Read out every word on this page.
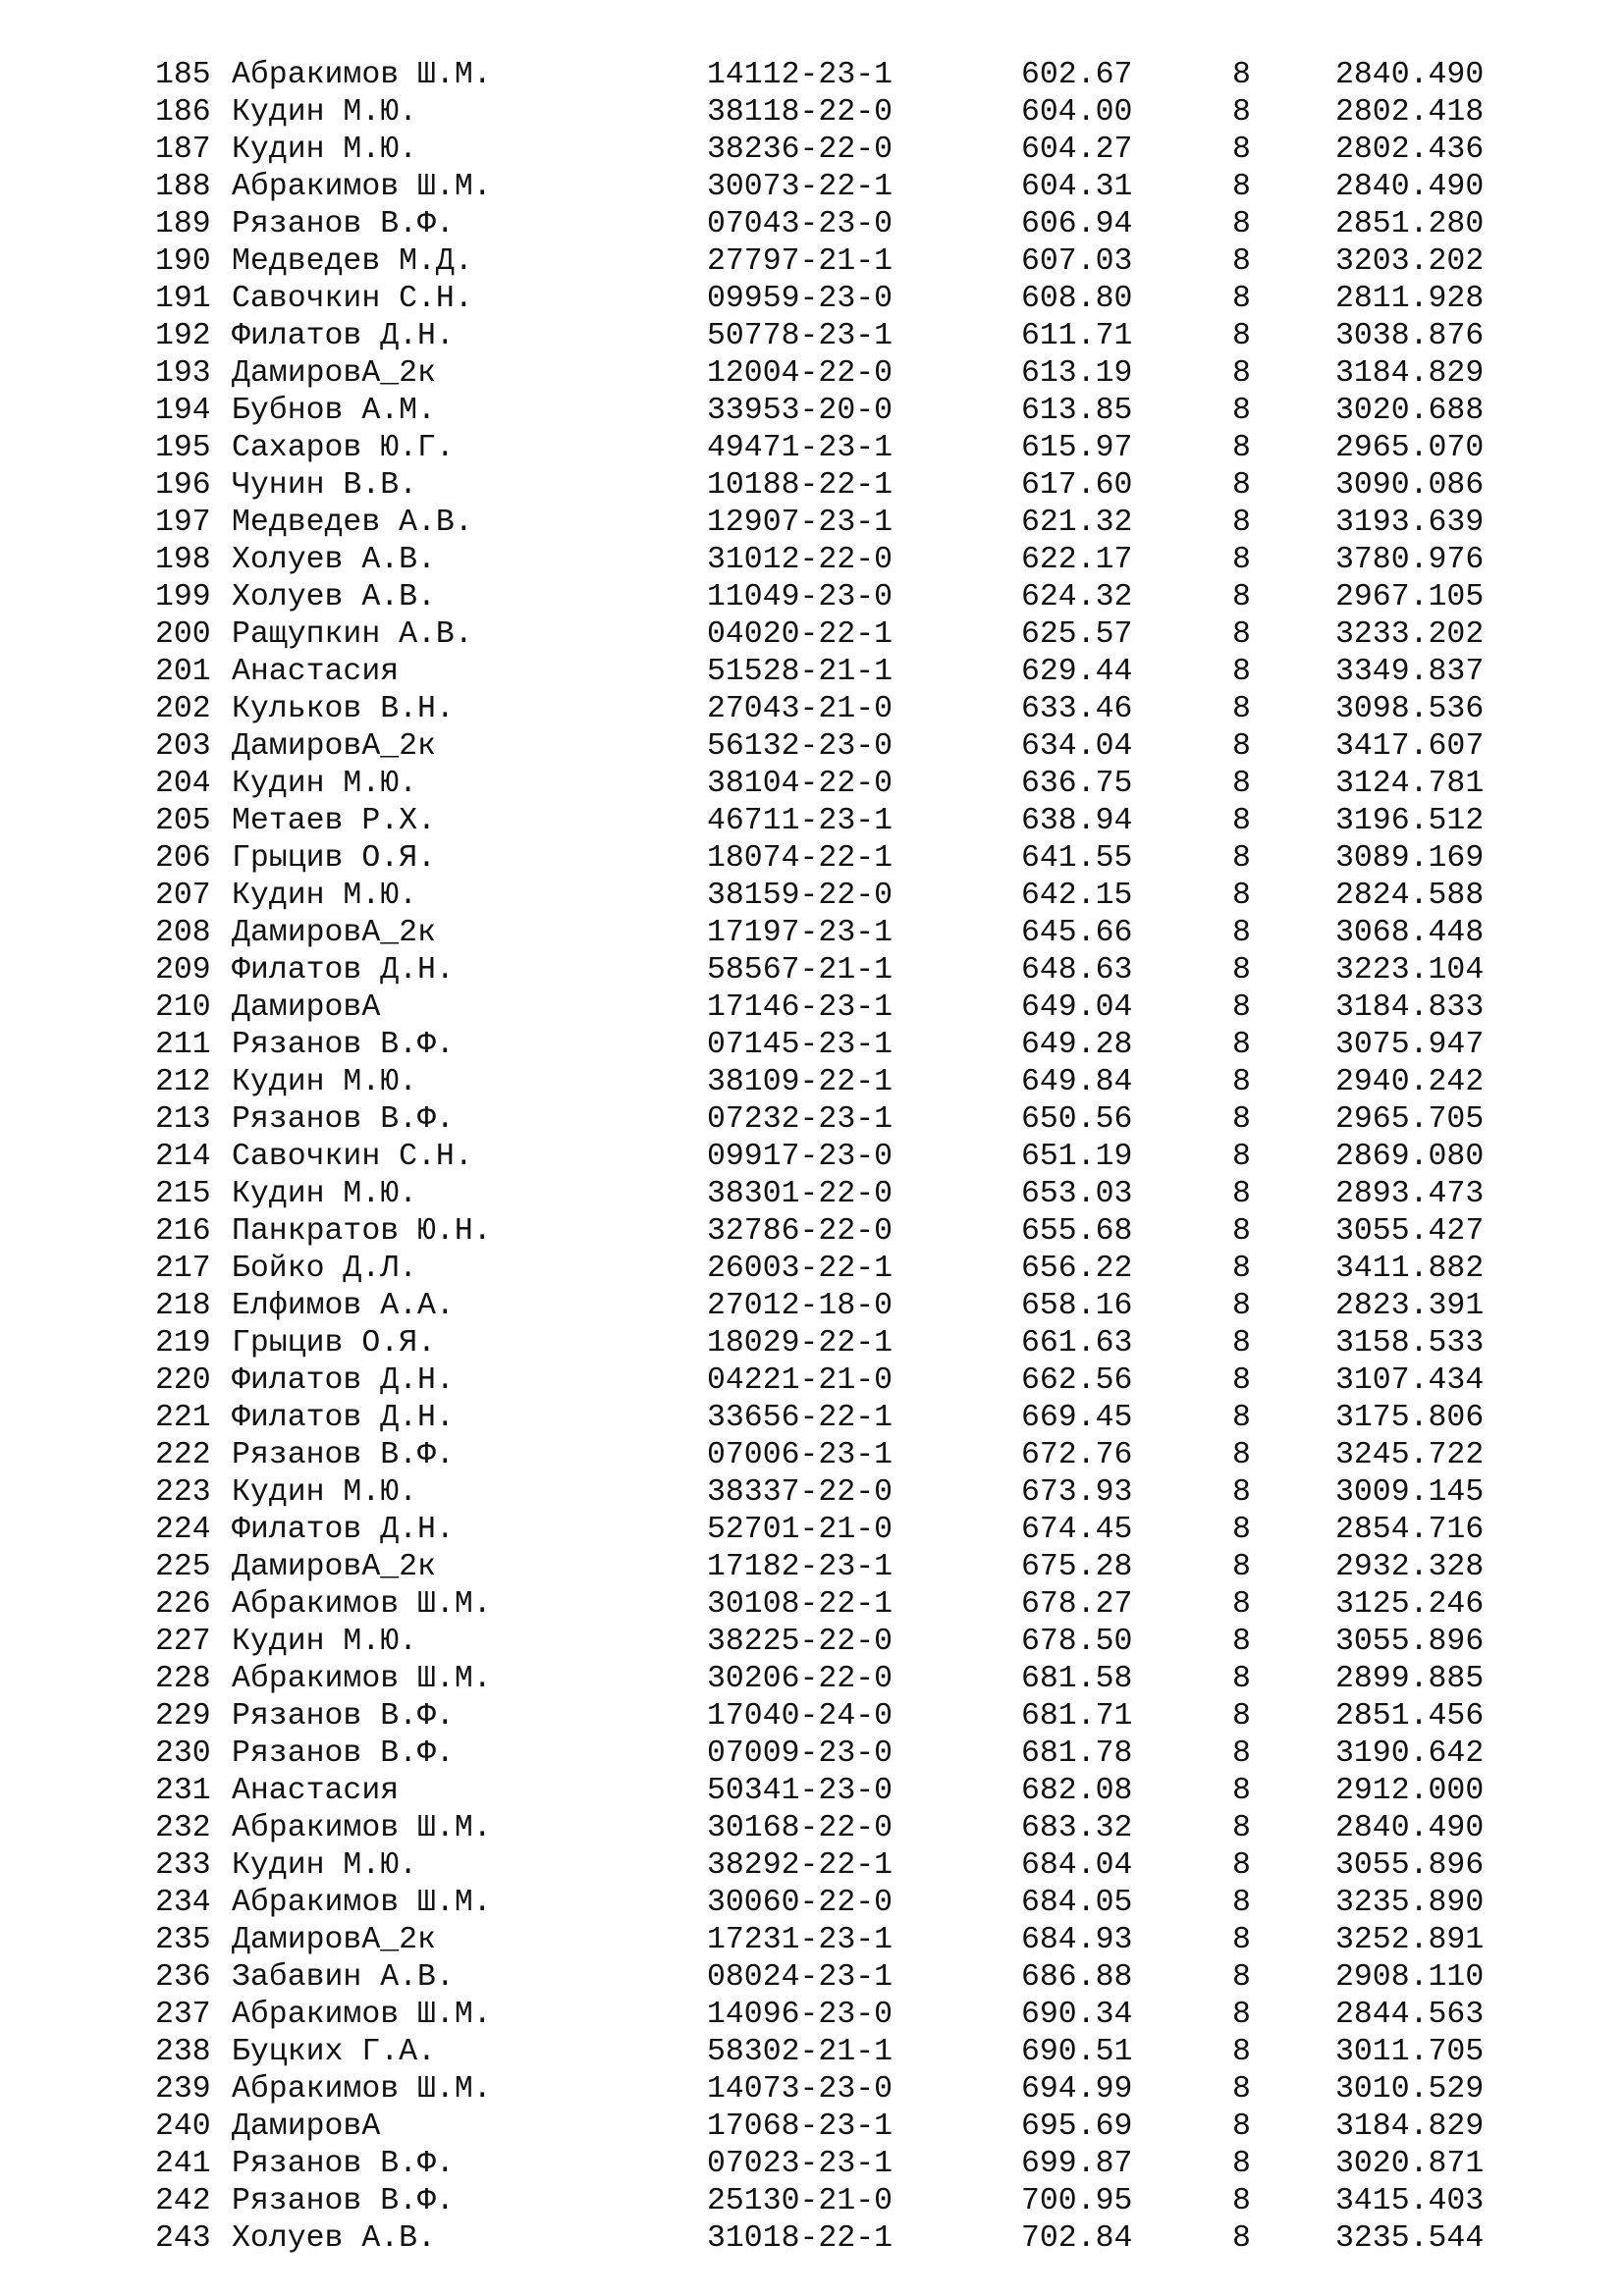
185 Абракимов Ш.М.	14112-23-1	602.67	8	2840.490
186 Кудин М.Ю.	38118-22-0	604.00	8	2802.418
187 Кудин М.Ю.	38236-22-0	604.27	8	2802.436
188 Абракимов Ш.М.	30073-22-1	604.31	8	2840.490
189 Рязанов В.Ф.	07043-23-0	606.94	8	2851.280
190 Медведев М.Д.	27797-21-1	607.03	8	3203.202
191 Савочкин С.Н.	09959-23-0	608.80	8	2811.928
192 Филатов Д.Н.	50778-23-1	611.71	8	3038.876
193 ДамировА_2к	12004-22-0	613.19	8	3184.829
194 Бубнов А.М.	33953-20-0	613.85	8	3020.688
195 Сахаров Ю.Г.	49471-23-1	615.97	8	2965.070
196 Чунин В.В.	10188-22-1	617.60	8	3090.086
197 Медведев А.В.	12907-23-1	621.32	8	3193.639
198 Холуев А.В.	31012-22-0	622.17	8	3780.976
199 Холуев А.В.	11049-23-0	624.32	8	2967.105
200 Ращупкин А.В.	04020-22-1	625.57	8	3233.202
201 Анастасия	51528-21-1	629.44	8	3349.837
202 Кульков В.Н.	27043-21-0	633.46	8	3098.536
203 ДамировА_2к	56132-23-0	634.04	8	3417.607
204 Кудин М.Ю.	38104-22-0	636.75	8	3124.781
205 Метаев Р.Х.	46711-23-1	638.94	8	3196.512
206 Грыцив О.Я.	18074-22-1	641.55	8	3089.169
207 Кудин М.Ю.	38159-22-0	642.15	8	2824.588
208 ДамировА_2к	17197-23-1	645.66	8	3068.448
209 Филатов Д.Н.	58567-21-1	648.63	8	3223.104
210 ДамировА	17146-23-1	649.04	8	3184.833
211 Рязанов В.Ф.	07145-23-1	649.28	8	3075.947
212 Кудин М.Ю.	38109-22-1	649.84	8	2940.242
213 Рязанов В.Ф.	07232-23-1	650.56	8	2965.705
214 Савочкин С.Н.	09917-23-0	651.19	8	2869.080
215 Кудин М.Ю.	38301-22-0	653.03	8	2893.473
216 Панкратов Ю.Н.	32786-22-0	655.68	8	3055.427
217 Бойко Д.Л.	26003-22-1	656.22	8	3411.882
218 Елфимов А.А.	27012-18-0	658.16	8	2823.391
219 Грыцив О.Я.	18029-22-1	661.63	8	3158.533
220 Филатов Д.Н.	04221-21-0	662.56	8	3107.434
221 Филатов Д.Н.	33656-22-1	669.45	8	3175.806
222 Рязанов В.Ф.	07006-23-1	672.76	8	3245.722
223 Кудин М.Ю.	38337-22-0	673.93	8	3009.145
224 Филатов Д.Н.	52701-21-0	674.45	8	2854.716
225 ДамировА_2к	17182-23-1	675.28	8	2932.328
226 Абракимов Ш.М.	30108-22-1	678.27	8	3125.246
227 Кудин М.Ю.	38225-22-0	678.50	8	3055.896
228 Абракимов Ш.М.	30206-22-0	681.58	8	2899.885
229 Рязанов В.Ф.	17040-24-0	681.71	8	2851.456
230 Рязанов В.Ф.	07009-23-0	681.78	8	3190.642
231 Анастасия	50341-23-0	682.08	8	2912.000
232 Абракимов Ш.М.	30168-22-0	683.32	8	2840.490
233 Кудин М.Ю.	38292-22-1	684.04	8	3055.896
234 Абракимов Ш.М.	30060-22-0	684.05	8	3235.890
235 ДамировА_2к	17231-23-1	684.93	8	3252.891
236 Забавин А.В.	08024-23-1	686.88	8	2908.110
237 Абракимов Ш.М.	14096-23-0	690.34	8	2844.563
238 Буцких Г.А.	58302-21-1	690.51	8	3011.705
239 Абракимов Ш.М.	14073-23-0	694.99	8	3010.529
240 ДамировА	17068-23-1	695.69	8	3184.829
241 Рязанов В.Ф.	07023-23-1	699.87	8	3020.871
242 Рязанов В.Ф.	25130-21-0	700.95	8	3415.403
243 Холуев А.В.	31018-22-1	702.84	8	3235.544
